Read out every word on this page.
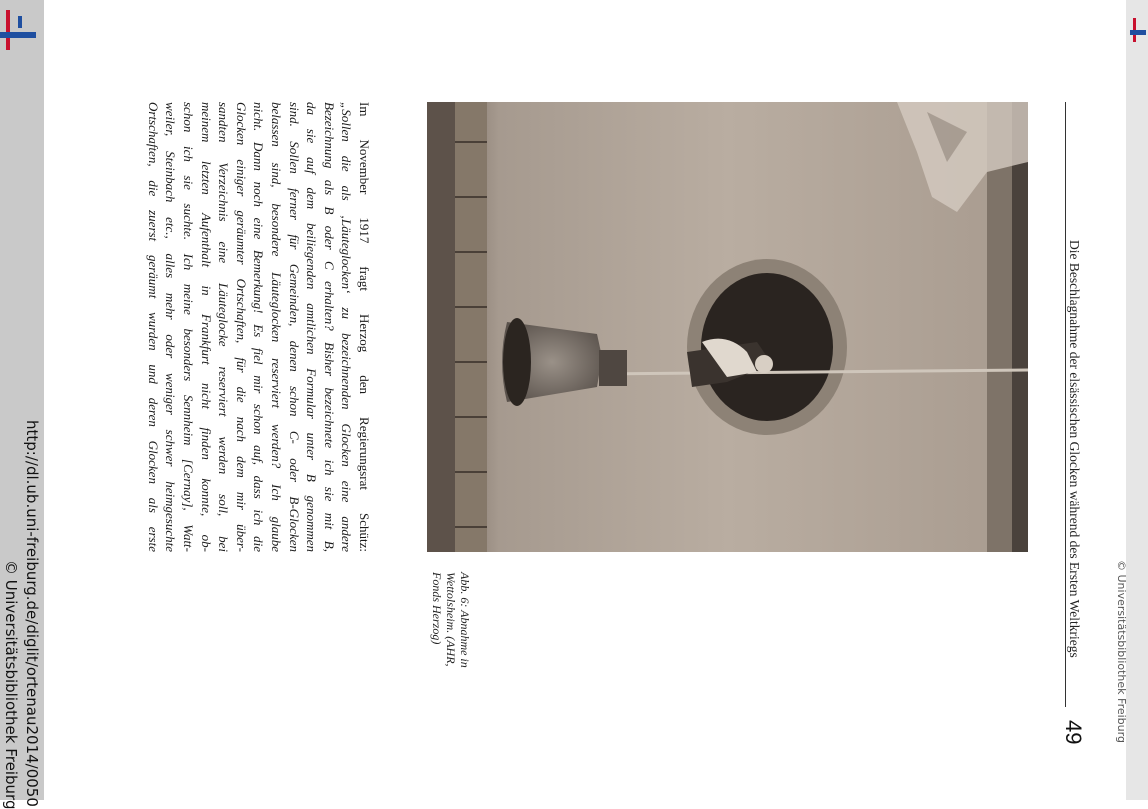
http://dl.ub.uni-freiburg.de/diglit/ortenau2014/0050
© Universitätsbibliothek Freiburg	© Universitätsbibliothek Freiburg
Die Beschlagnahme der elsässischen Glocken während des Ersten Weltkriegs
49
Abb. 6: Abnahme in
Wettolsheim. (AHR,
Fonds Herzog)
Im November 1917 fragt Herzog den Regierungsrat Schütz:
„Sollen die als ‚Läuteglocken‘ zu bezeichnenden Glocken eine andere
Bezeichnung als B oder C erhalten? Bisher bezeichnete ich sie mit B,
da sie auf dem beiliegenden amtlichen Formular unter B genommen
sind. Sollen ferner für Gemeinden, denen schon C- oder B-Glocken
belassen sind, besondere Läuteglocken reserviert werden? Ich glaube
nicht. Dann noch eine Bemerkung! Es fiel mir schon auf, dass ich die
Glocken einiger geräumter Ortschaften, für die nach dem mir über-
sandten Verzeichnis eine Läuteglocke reserviert werden soll, bei
meinem letzten Aufenthalt in Frankfurt nicht finden konnte, ob-
schon ich sie suchte. Ich meine besonders Sennheim [Cernay], Watt-
weiler, Steinbach etc., alles mehr oder weniger schwer heimgesuchte
Ortschaften, die zuerst geräumt wurden und deren Glocken als erste
